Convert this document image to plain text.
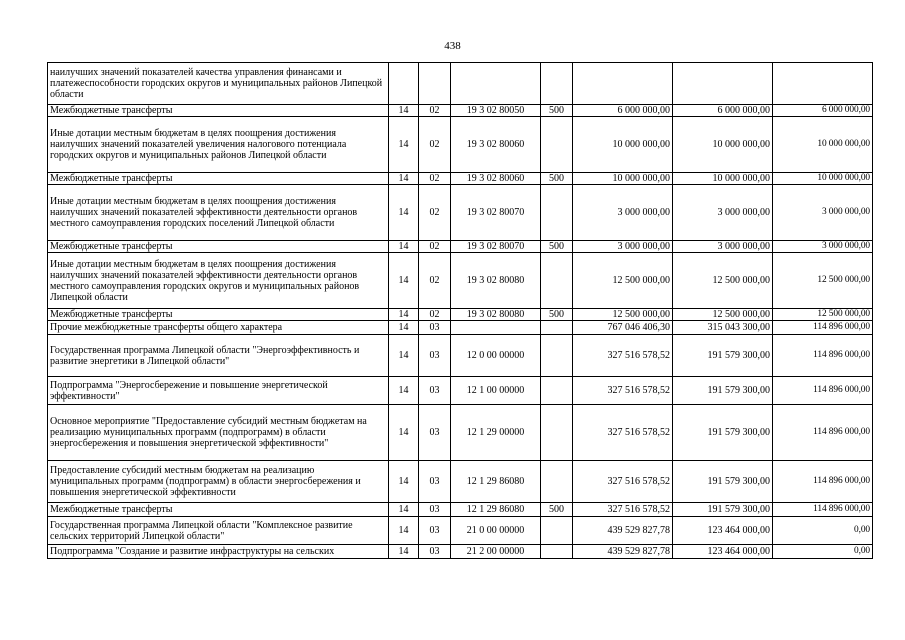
438
наилучших значений показателей качества управления финансами и платежеспособности городских округов и муниципальных районов Липецкой области							
Межбюджетные трансферты	14	02	19 3 02 80050	500	6 000 000,00	6 000 000,00	6 000 000,00
Иные дотации местным бюджетам в целях поощрения достижения наилучших значений показателей увеличения налогового потенциала городских округов и муниципальных районов Липецкой области	14	02	19 3 02 80060		10 000 000,00	10 000 000,00	10 000 000,00
Межбюджетные трансферты	14	02	19 3 02 80060	500	10 000 000,00	10 000 000,00	10 000 000,00
Иные дотации местным бюджетам в целях поощрения достижения наилучших значений показателей эффективности деятельности органов местного самоуправления городских поселений Липецкой области	14	02	19 3 02 80070		3 000 000,00	3 000 000,00	3 000 000,00
Межбюджетные трансферты	14	02	19 3 02 80070	500	3 000 000,00	3 000 000,00	3 000 000,00
Иные дотации местным бюджетам в целях поощрения достижения наилучших значений показателей эффективности деятельности органов местного самоуправления городских округов и муниципальных районов Липецкой области	14	02	19 3 02 80080		12 500 000,00	12 500 000,00	12 500 000,00
Межбюджетные трансферты	14	02	19 3 02 80080	500	12 500 000,00	12 500 000,00	12 500 000,00
Прочие межбюджетные трансферты общего характера	14	03			767 046 406,30	315 043 300,00	114 896 000,00
Государственная программа Липецкой области "Энергоэффективность и развитие энергетики в Липецкой области"	14	03	12 0 00 00000		327 516 578,52	191 579 300,00	114 896 000,00
Подпрограмма "Энергосбережение и повышение энергетической эффективности"	14	03	12 1 00 00000		327 516 578,52	191 579 300,00	114 896 000,00
Основное мероприятие "Предоставление субсидий местным бюджетам на реализацию муниципальных программ (подпрограмм) в области энергосбережения и повышения энергетической эффективности"	14	03	12 1 29 00000		327 516 578,52	191 579 300,00	114 896 000,00
Предоставление субсидий местным бюджетам на реализацию муниципальных программ (подпрограмм) в области энергосбережения и повышения энергетической эффективности	14	03	12 1 29 86080		327 516 578,52	191 579 300,00	114 896 000,00
Межбюджетные трансферты	14	03	12 1 29 86080	500	327 516 578,52	191 579 300,00	114 896 000,00
Государственная программа Липецкой области "Комплексное развитие сельских территорий Липецкой области"	14	03	21 0 00 00000		439 529 827,78	123 464 000,00	0,00
Подпрограмма "Создание и развитие инфраструктуры на сельских	14	03	21 2 00 00000		439 529 827,78	123 464 000,00	0,00
